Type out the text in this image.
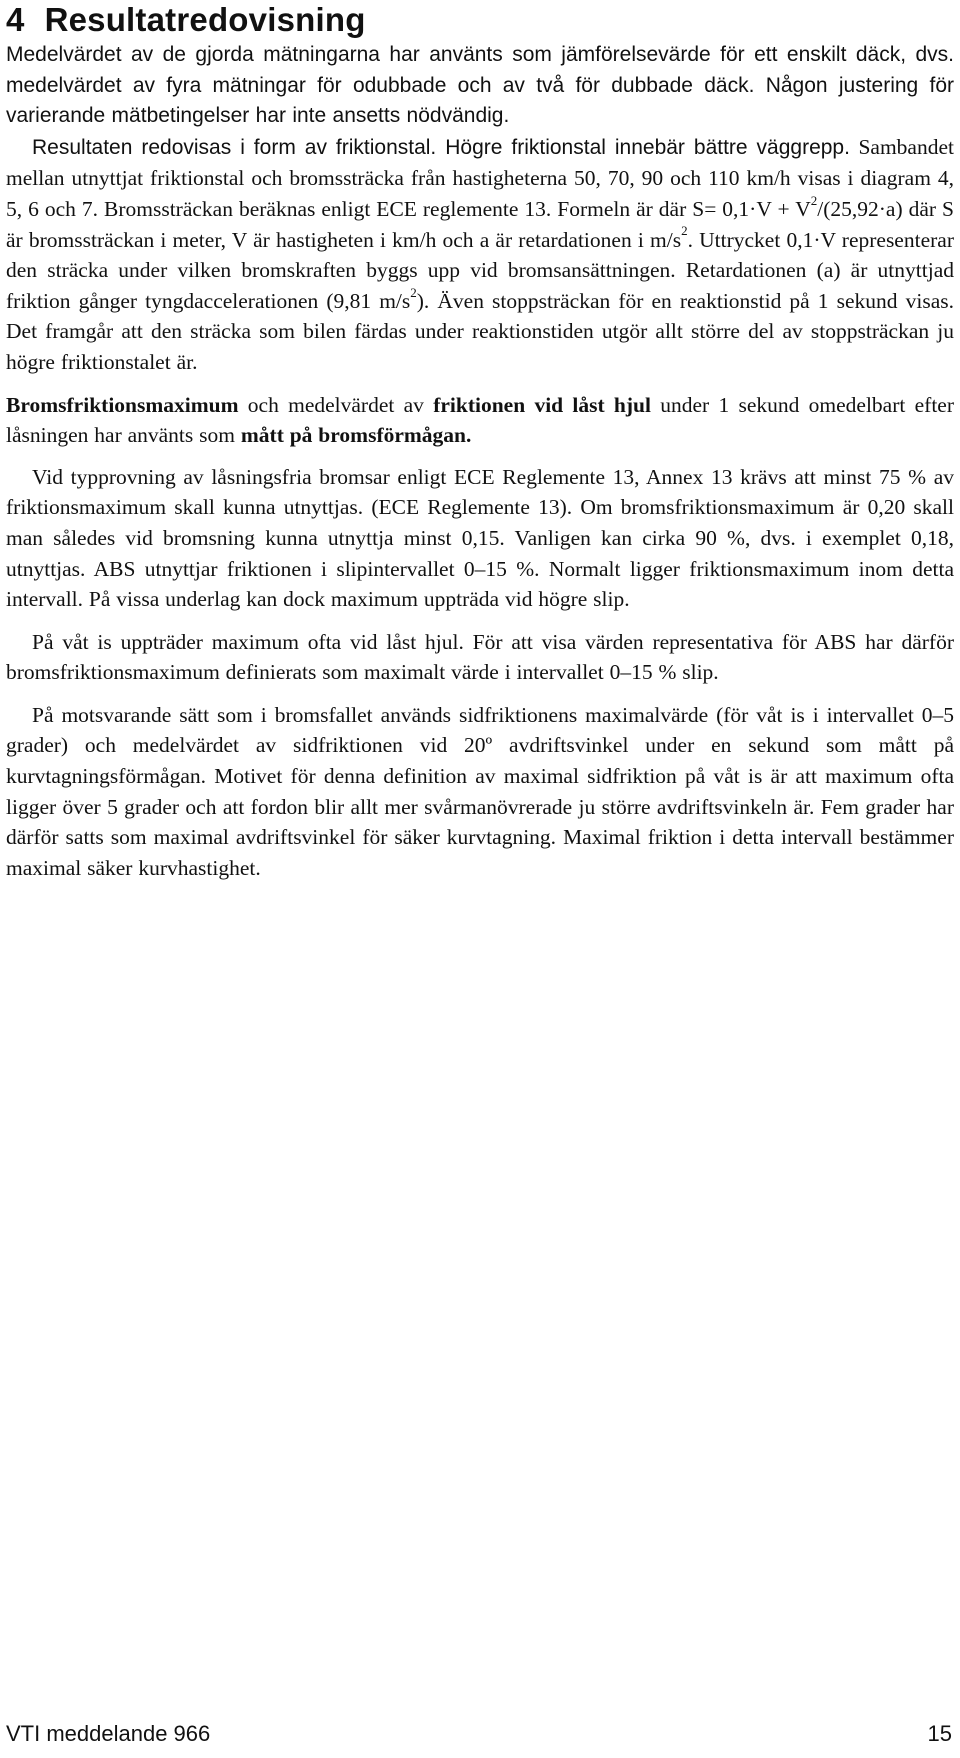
4 Resultatredovisning

Medelvärdet av de gjorda mätningarna har använts som jämförelsevärde för ett enskilt däck, dvs. medelvärdet av fyra mätningar för odubbade och av två för dubbade däck. Någon justering för varierande mätbetingelser har inte ansetts nödvändig.

Resultaten redovisas i form av friktionstal. Högre friktionstal innebär bättre väggrepp. Sambandet mellan utnyttjat friktionstal och bromssträcka från hastigheterna 50, 70, 90 och 110 km/h visas i diagram 4, 5, 6 och 7. Bromssträckan beräknas enligt ECE reglemente 13. Formeln är där $S= 0,1\cdot V + V^2/(25,92\cdot a)$ där S är bromssträckan i meter, V är hastigheten i km/h och a är retardationen i $m/s^2$. Uttrycket 0,1·V representerar den sträcka under vilken bromskraften byggs upp vid bromsansättningen. Retardationen (a) är utnyttjad friktion gånger tyngdaccelerationen (9,81 $m/s^2$). Även stoppsträckan för en reaktionstid på 1 sekund visas. Det framgår att den sträcka som bilen färdas under reaktionstiden utgör allt större del av stoppsträckan ju högre friktionstalet är.

Bromsfriktionsmaximum och medelvärdet av friktionen vid låst hjul under 1 sekund omedelbart efter låsningen har använts som mått på bromsförmågan.

Vid typprovning av låsningsfria bromsar enligt ECE Reglemente 13, Annex 13 krävs att minst 75 % av friktionsmaximum skall kunna utnyttjas. (ECE Reglemente 13). Om bromsfriktionsmaximum är 0,20 skall man således vid bromsning kunna utnyttja minst 0,15. Vanligen kan cirka 90 %, dvs. i exemplet 0,18, utnyttjas. ABS utnyttjar friktionen i slipintervallet 0–15 %. Normalt ligger friktionsmaximum inom detta intervall. På vissa underlag kan dock maximum uppträda vid högre slip.

På våt is uppträder maximum ofta vid låst hjul. För att visa värden representativa för ABS har därför bromsfriktionsmaximum definierats som maximalt värde i intervallet 0–15 % slip.

På motsvarande sätt som i bromsfallet används sidfriktionens maximalvärde (för våt is i intervallet 0–5 grader) och medelvärdet av sidfriktionen vid 20º avdriftsvinkel under en sekund som mått på kurvtagningsförmågan. Motivet för denna definition av maximal sidfriktion på våt is är att maximum ofta ligger över 5 grader och att fordon blir allt mer svårmanövrerade ju större avdriftsvinkeln är. Fem grader har därför satts som maximal avdriftsvinkel för säker kurvtagning. Maximal friktion i detta intervall bestämmer maximal säker kurvhastighet.

VTI meddelande 966	15
